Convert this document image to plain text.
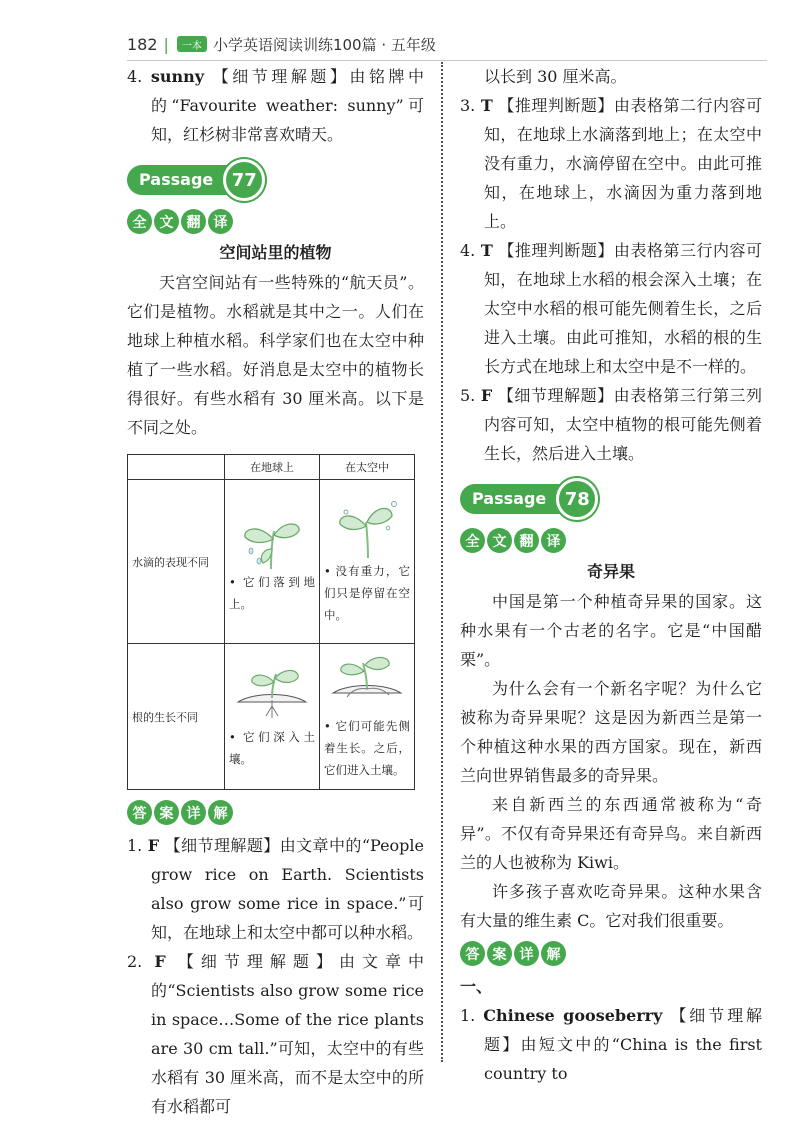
182 |	一本 小学英语阅读训练100篇 · 五年级

4. sunny 【细节理解题】由铭牌中的“Favourite weather: sunny”可知，红杉树非常喜欢晴天。

Passage	77
全 文 翻 译
空间站里的植物

天宫空间站有一些特殊的“航天员”。它们是植物。水稻就是其中之一。人们在地球上种植水稻。科学家们也在太空中种植了一些水稻。好消息是太空中的植物长得很好。有些水稻有 30 厘米高。以下是不同之处。

	在地球上	在太空中
水滴的表现不同	• 它们落到地上。	• 没有重力，它们只是停留在空中。

根的生长不同	• 它们深入土壤。	• 它们可能先侧着生长。之后，它们进入土壤。
答 案 详 解

1. F 【细节理解题】由文章中的“People grow rice on Earth. Scientists also grow some rice in space.”可知，在地球上和太空中都可以种水稻。

2. F 【细节理解题】由文章中的“Scientists also grow some rice in space…Some of the rice plants are 30 cm tall.”可知，太空中的有些水稻有 30 厘米高，而不是太空中的所有水稻都可

以长到 30 厘米高。

3. T 【推理判断题】由表格第二行内容可知，在地球上水滴落到地上；在太空中没有重力，水滴停留在空中。由此可推知，在地球上，水滴因为重力落到地上。

4. T 【推理判断题】由表格第三行内容可知，在地球上水稻的根会深入土壤；在太空中水稻的根可能先侧着生长，之后进入土壤。由此可推知，水稻的根的生长方式在地球上和太空中是不一样的。

5. F 【细节理解题】由表格第三行第三列内容可知，太空中植物的根可能先侧着生长，然后进入土壤。

Passage	78
全 文 翻 译
奇异果

中国是第一个种植奇异果的国家。这种水果有一个古老的名字。它是“中国醋栗”。

为什么会有一个新名字呢？为什么它被称为奇异果呢？这是因为新西兰是第一个种植这种水果的西方国家。现在，新西兰向世界销售最多的奇异果。

来自新西兰的东西通常被称为“奇异”。不仅有奇异果还有奇异鸟。来自新西兰的人也被称为 Kiwi。

许多孩子喜欢吃奇异果。这种水果含有大量的维生素 C。它对我们很重要。

答 案 详 解

一、

1. Chinese gooseberry 【细节理解题】由短文中的“China is the first country to
